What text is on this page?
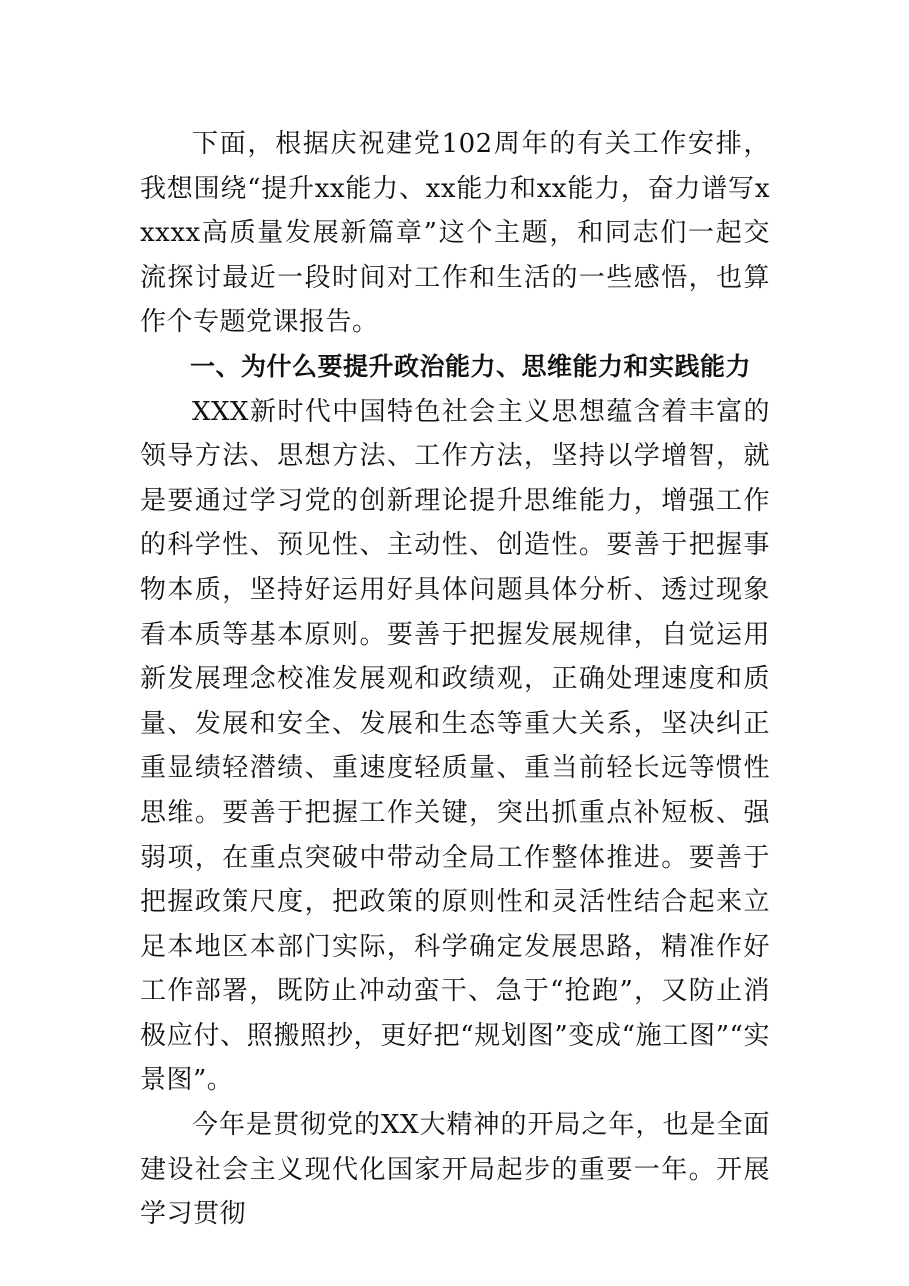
下面，根据庆祝建党102周年的有关工作安排，我想围绕“提升xx能力、xx能力和xx能力，奋力谱写xxxxx高质量发展新篇章”这个主题，和同志们一起交流探讨最近一段时间对工作和生活的一些感悟，也算作个专题党课报告。

一、为什么要提升政治能力、思维能力和实践能力

XXX新时代中国特色社会主义思想蕴含着丰富的领导方法、思想方法、工作方法，坚持以学增智，就是要通过学习党的创新理论提升思维能力，增强工作的科学性、预见性、主动性、创造性。要善于把握事物本质，坚持好运用好具体问题具体分析、透过现象看本质等基本原则。要善于把握发展规律，自觉运用新发展理念校准发展观和政绩观，正确处理速度和质量、发展和安全、发展和生态等重大关系，坚决纠正重显绩轻潜绩、重速度轻质量、重当前轻长远等惯性思维。要善于把握工作关键，突出抓重点补短板、强弱项，在重点突破中带动全局工作整体推进。要善于把握政策尺度，把政策的原则性和灵活性结合起来立足本地区本部门实际，科学确定发展思路，精准作好工作部署，既防止冲动蛮干、急于“抢跑”，又防止消极应付、照搬照抄，更好把“规划图”变成“施工图”“实景图”。

今年是贯彻党的XX大精神的开局之年，也是全面建设社会主义现代化国家开局起步的重要一年。开展学习贯彻
